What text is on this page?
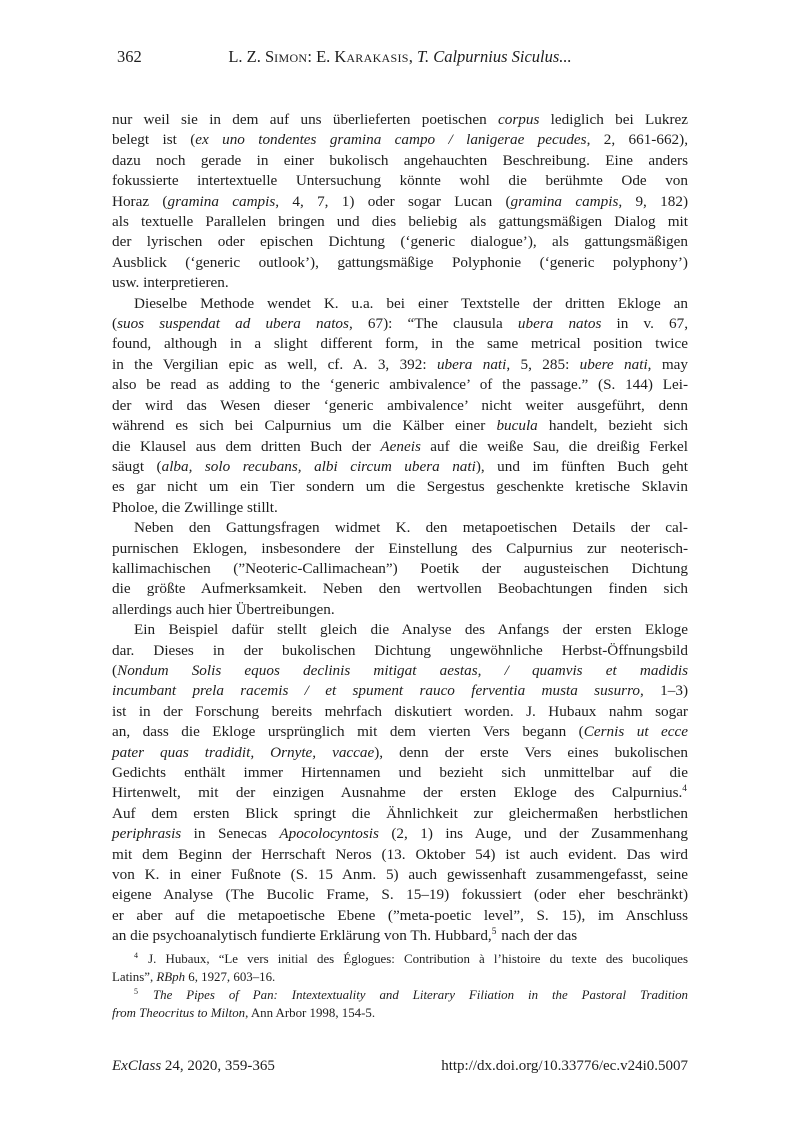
362	L. Z. Simon: E. Karakasis, T. Calpurnius Siculus...
nur weil sie in dem auf uns überlieferten poetischen corpus lediglich bei Lukrez
belegt ist (ex uno tondentes gramina campo / lanigerae pecudes, 2, 661-662),
dazu noch gerade in einer bukolisch angehauchten Beschreibung. Eine anders
fokussierte intertextuelle Untersuchung könnte wohl die berühmte Ode von
Horaz (gramina campis, 4, 7, 1) oder sogar Lucan (gramina campis, 9, 182)
als textuelle Parallelen bringen und dies beliebig als gattungsmäßigen Dialog mit
der lyrischen oder epischen Dichtung (‘generic dialogue’), als gattungsmäßigen
Ausblick (‘generic outlook’), gattungsmäßige Polyphonie (‘generic polyphony’)
usw. interpretieren.
Dieselbe Methode wendet K. u.a. bei einer Textstelle der dritten Ekloge an
(suos suspendat ad ubera natos, 67): “The clausula ubera natos in v. 67,
found, although in a slight different form, in the same metrical position twice
in the Vergilian epic as well, cf. A. 3, 392: ubera nati, 5, 285: ubere nati, may
also be read as adding to the ‘generic ambivalence’ of the passage.” (S. 144) Lei-
der wird das Wesen dieser ‘generic ambivalence’ nicht weiter ausgeführt, denn
während es sich bei Calpurnius um die Kälber einer bucula handelt, bezieht sich
die Klausel aus dem dritten Buch der Aeneis auf die weiße Sau, die dreißig Ferkel
säugt (alba, solo recubans, albi circum ubera nati), und im fünften Buch geht
es gar nicht um ein Tier sondern um die Sergestus geschenkte kretische Sklavin
Pholoe, die Zwillinge stillt.
Neben den Gattungsfragen widmet K. den metapoetischen Details der cal-
purnischen Eklogen, insbesondere der Einstellung des Calpurnius zur neoterisch-
kallimachischen (”Neoteric-Callimachean”) Poetik der augusteischen Dichtung
die größte Aufmerksamkeit. Neben den wertvollen Beobachtungen finden sich
allerdings auch hier Übertreibungen.
Ein Beispiel dafür stellt gleich die Analyse des Anfangs der ersten Ekloge
dar. Dieses in der bukolischen Dichtung ungewöhnliche Herbst-Öffnungsbild
(Nondum Solis equos declinis mitigat aestas, / quamvis et madidis
incumbant prela racemis / et spument rauco ferventia musta susurro, 1–3)
ist in der Forschung bereits mehrfach diskutiert worden. J. Hubaux nahm sogar
an, dass die Ekloge ursprünglich mit dem vierten Vers begann (Cernis ut ecce
pater quas tradidit, Ornyte, vaccae), denn der erste Vers eines bukolischen
Gedichts enthält immer Hirtennamen und bezieht sich unmittelbar auf die
Hirtenwelt, mit der einzigen Ausnahme der ersten Ekloge des Calpurnius.$^4$
Auf dem ersten Blick springt die Ähnlichkeit zur gleichermaßen herbstlichen
periphrasis in Senecas Apocolocyntosis (2, 1) ins Auge, und der Zusammenhang
mit dem Beginn der Herrschaft Neros (13. Oktober 54) ist auch evident. Das wird
von K. in einer Fußnote (S. 15 Anm. 5) auch gewissenhaft zusammengefasst, seine
eigene Analyse (The Bucolic Frame, S. 15–19) fokussiert (oder eher beschränkt)
er aber auf die metapoetische Ebene (”meta-poetic level”, S. 15), im Anschluss
an die psychoanalytisch fundierte Erklärung von Th. Hubbard,$^5$ nach der das
$^4$ J. Hubaux, “Le vers initial des Églogues: Contribution à l’histoire du texte des bucoliques
Latins”, RBph 6, 1927, 603–16.
$^5$ The Pipes of Pan: Intextextuality and Literary Filiation in the Pastoral Tradition
from Theocritus to Milton, Ann Arbor 1998, 154-5.
ExClass 24, 2020, 359-365	http://dx.doi.org/10.33776/ec.v24i0.5007
